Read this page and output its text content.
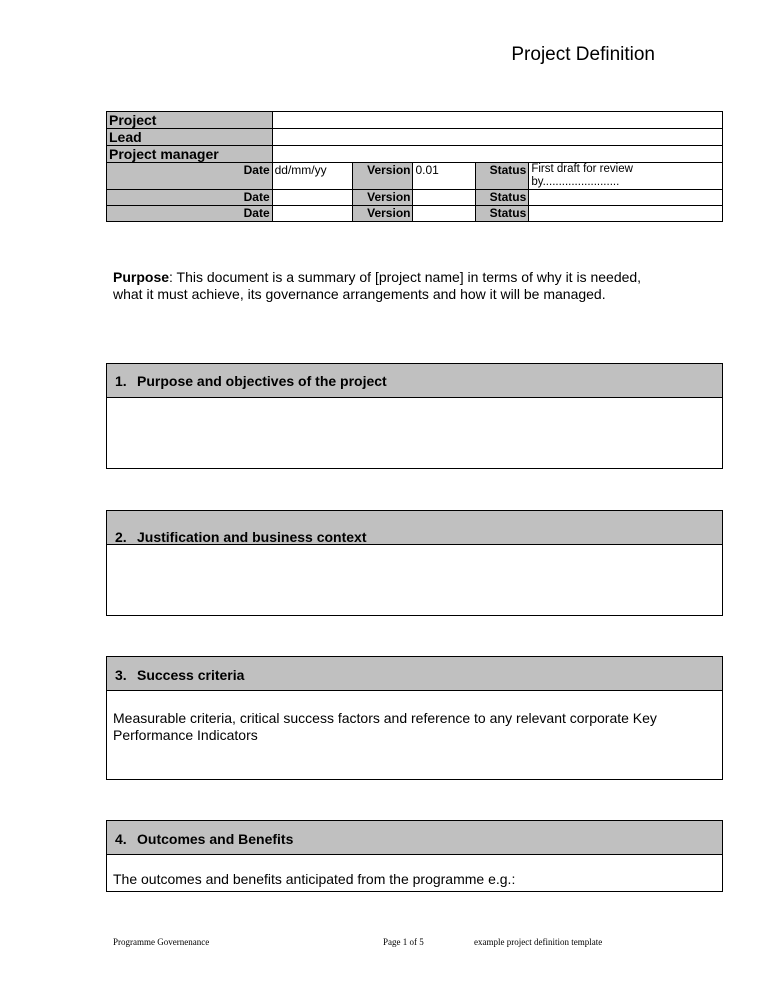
Project Definition
Project					
Lead					
Project manager					
Date	dd/mm/yy	Version	0.01	Status	First draft for review by........................
Date		Version		Status	
Date		Version		Status	
Purpose: This document is a summary of [project name] in terms of why it is needed, what it must achieve, its governance arrangements and how it will be managed.
1. Purpose and objectives of the project
2. Justification and business context
3. Success criteria
Measurable criteria, critical success factors and reference to any relevant corporate Key Performance Indicators
4. Outcomes and Benefits
The outcomes and benefits anticipated from the programme e.g.:
Programme Governenance	Page 1 of 5	example project definition template
